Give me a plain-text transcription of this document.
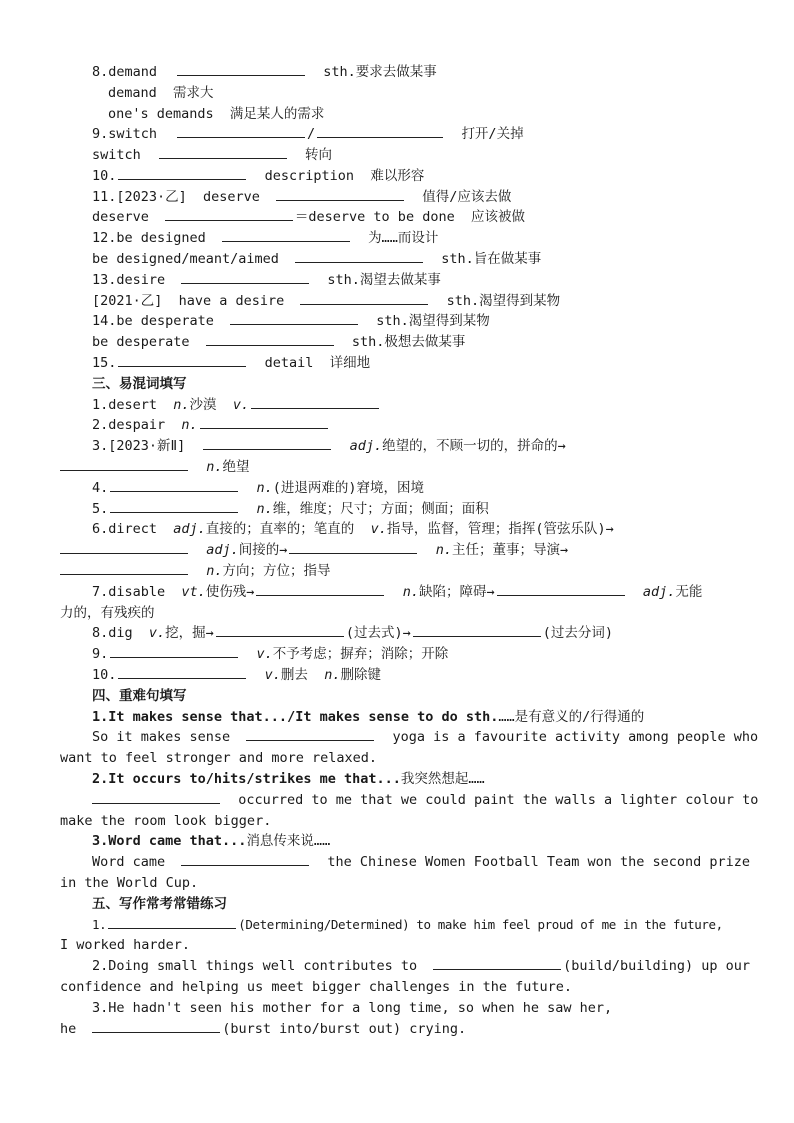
8.demand	sth.要求去做某事
demand  需求大
one's demands  满足某人的需求
9.switch	/	打开/关掉
switch	转向
10.	description  难以形容
11.[2023·乙]  deserve	值得/应该去做
deserve	＝deserve to be done  应该被做
12.be designed	为……而设计
be designed/meant/aimed	sth.旨在做某事
13.desire	sth.渴望去做某事
[2021·乙]  have a desire	sth.渴望得到某物
14.be desperate	sth.渴望得到某物
be desperate	sth.极想去做某事
15.	detail  详细地
三、易混词填写
1.desert  n.沙漠  v.
2.despair  n.
3.[2023·新Ⅱ]	adj.绝望的，不顾一切的，拼命的→
n.绝望
4.	n.(进退两难的)窘境，困境
5.	n.维，维度；尺寸；方面；侧面；面积
6.direct  adj.直接的；直率的；笔直的  v.指导，监督，管理；指挥(管弦乐队)→
adj.间接的→	n.主任；董事；导演→
n.方向；方位；指导
7.disable  vt.使伤残→	n.缺陷；障碍→	adj.无能
力的，有残疾的
8.dig  v.挖，掘→	(过去式)→	(过去分词)
9.	v.不予考虑；摒弃；消除；开除
10.	v.删去  n.删除键
四、重难句填写
1.It makes sense that.../It makes sense to do sth.……是有意义的/行得通的
So it makes sense	yoga is a favourite activity among people who
want to feel stronger and more relaxed.
2.It occurs to/hits/strikes me that...我突然想起……
occurred to me that we could paint the walls a lighter colour to
make the room look bigger.
3.Word came that...消息传来说……
Word came	the Chinese Women Football Team won the second prize
in the World Cup.
五、写作常考常错练习
1.	(Determining/Determined) to make him feel proud of me in the future,
I worked harder.
2.Doing small things well contributes to	(build/building) up our
confidence and helping us meet bigger challenges in the future.
3.He hadn't seen his mother for a long time, so when he saw her,
he	(burst into/burst out) crying.
